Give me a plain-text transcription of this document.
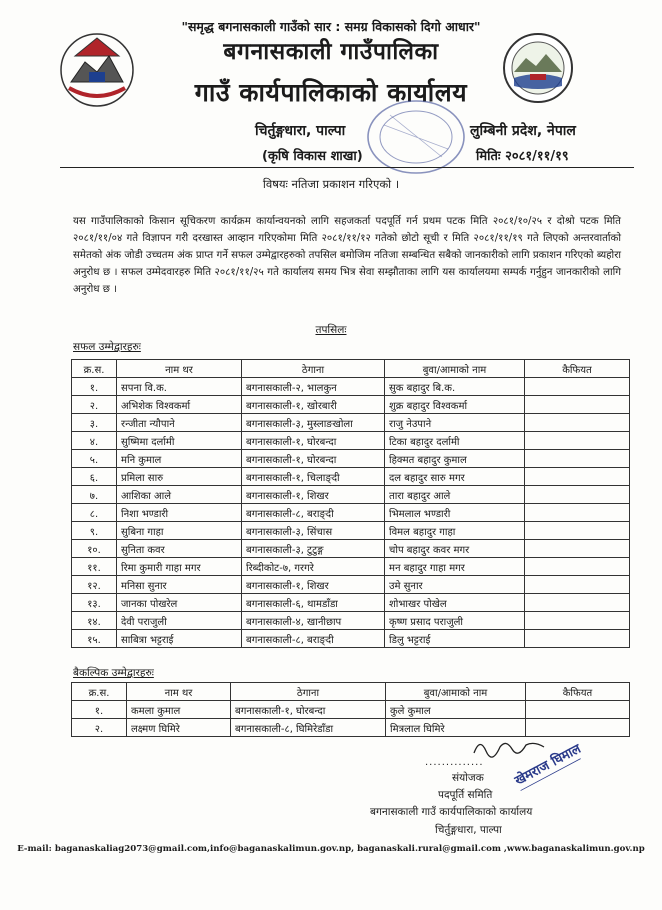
"समृद्ध बगनासकाली गाउँको सार : समग्र विकासको दिगो आधार"
बगनासकाली गाउँपालिका
गाउँ कार्यपालिकाको कार्यालय
चिर्तुङ्गधारा, पाल्पा
(कृषि विकास शाखा)
लुम्बिनी प्रदेश, नेपाल
मितिः २०८१/११/१९
विषयः नतिजा प्रकाशन गरिएको ।
यस गाउँपालिकाको किसान सूचिकरण कार्यक्रम कार्यान्वयनको लागि सहजकर्ता पदपूर्ति गर्न प्रथम पटक मिति २०८१/१०/२५ र दोश्रो पटक मिति २०८१/११/०४ गते विज्ञापन गरी दरखास्त आव्हान गरिएकोमा मिति २०८१/११/१२ गतेको छोटो सूची र मिति २०८१/११/१९ गते लिएको अन्तरवार्ताको समेतको अंक जोडी उच्चतम अंक प्राप्त गर्ने सफल उम्मेद्वारहरुको तपसिल बमोजिम नतिजा सम्बन्धित सबैको जानकारीको लागि प्रकाशन गरिएको ब्यहोरा अनुरोध छ । सफल उम्मेदवारहरु मिति २०८१/११/२५ गते कार्यालय समय भित्र सेवा सम्झौताका लागि यस कार्यालयमा सम्पर्क गर्नुहुन जानकारीको लागि अनुरोध छ ।
तपसिलः
सफल उम्मेद्वारहरुः
क्र.स.	नाम थर	ठेगाना	बुवा/आमाको नाम	कैफियत
१.	सपना वि.क.	बगनासकाली-२, भालकुन	सुक बहादुर बि.क.	
२.	अभिशेक विश्वकर्मा	बगनासकाली-१, खोरबारी	शुक्र बहादुर विश्वकर्मा	
३.	रन्जीता न्यौपाने	बगनासकाली-३, मुस्लाङखोला	राजु नेउपाने	
४.	सुष्मिमा दर्लामी	बगनासकाली-१, घोरबन्दा	टिका बहादुर दर्लामी	
५.	मनि कुमाल	बगनासकाली-१, घोरबन्दा	हिक्मत बहादुर कुमाल	
६.	प्रमिला सारु	बगनासकाली-१, चिलाङ्दी	दल बहादुर सारु मगर	
७.	आशिका आले	बगनासकाली-१, शिखर	तारा बहादुर आले	
८.	निशा भण्डारी	बगनासकाली-८, बराङ्दी	भिमलाल भण्डारी	
९.	सुबिना गाहा	बगनासकाली-३, सिंचास	विमल बहादुर गाहा	
१०.	सुनिता कवर	बगनासकाली-३, टुटुङ्ग	चोप बहादुर कवर मगर	
११.	रिमा कुमारी गाहा मगर	रिब्दीकोट-७, गरगरे	मन बहादुर गाहा मगर	
१२.	मनिसा सुनार	बगनासकाली-१, शिखर	उमे सुनार	
१३.	जानका पोखरेल	बगनासकाली-६, थामडाँडा	शोभाखर पोखेल	
१४.	देवी पराजुली	बगनासकाली-४, खानीछाप	कृष्ण प्रसाद पराजुली	
१५.	साबित्रा भट्टराई	बगनासकाली-८, बराङ्दी	डिलु भट्टराई	
बैकल्पिक उम्मेद्वारहरुः
क्र.स.	नाम थर	ठेगाना	बुवा/आमाको नाम	कैफियत
१.	कमला कुमाल	बगनासकाली-१, घोरबन्दा	कुले कुमाल	
२.	लक्ष्मण घिमिरे	बगनासकाली-८, घिमिरेडाँडा	मित्रलाल घिमिरे	
खेमराज घिमाल
..............
संयोजक
पदपूर्ति समिति
बगनासकाली गाउँ कार्यपालिकाको कार्यालय
चिर्तुङ्गधारा, पाल्पा
E-mail: baganaskaliag2073@gmail.com,info@baganaskalimun.gov.np, baganaskali.rural@gmail.com ,www.baganaskalimun.gov.np
